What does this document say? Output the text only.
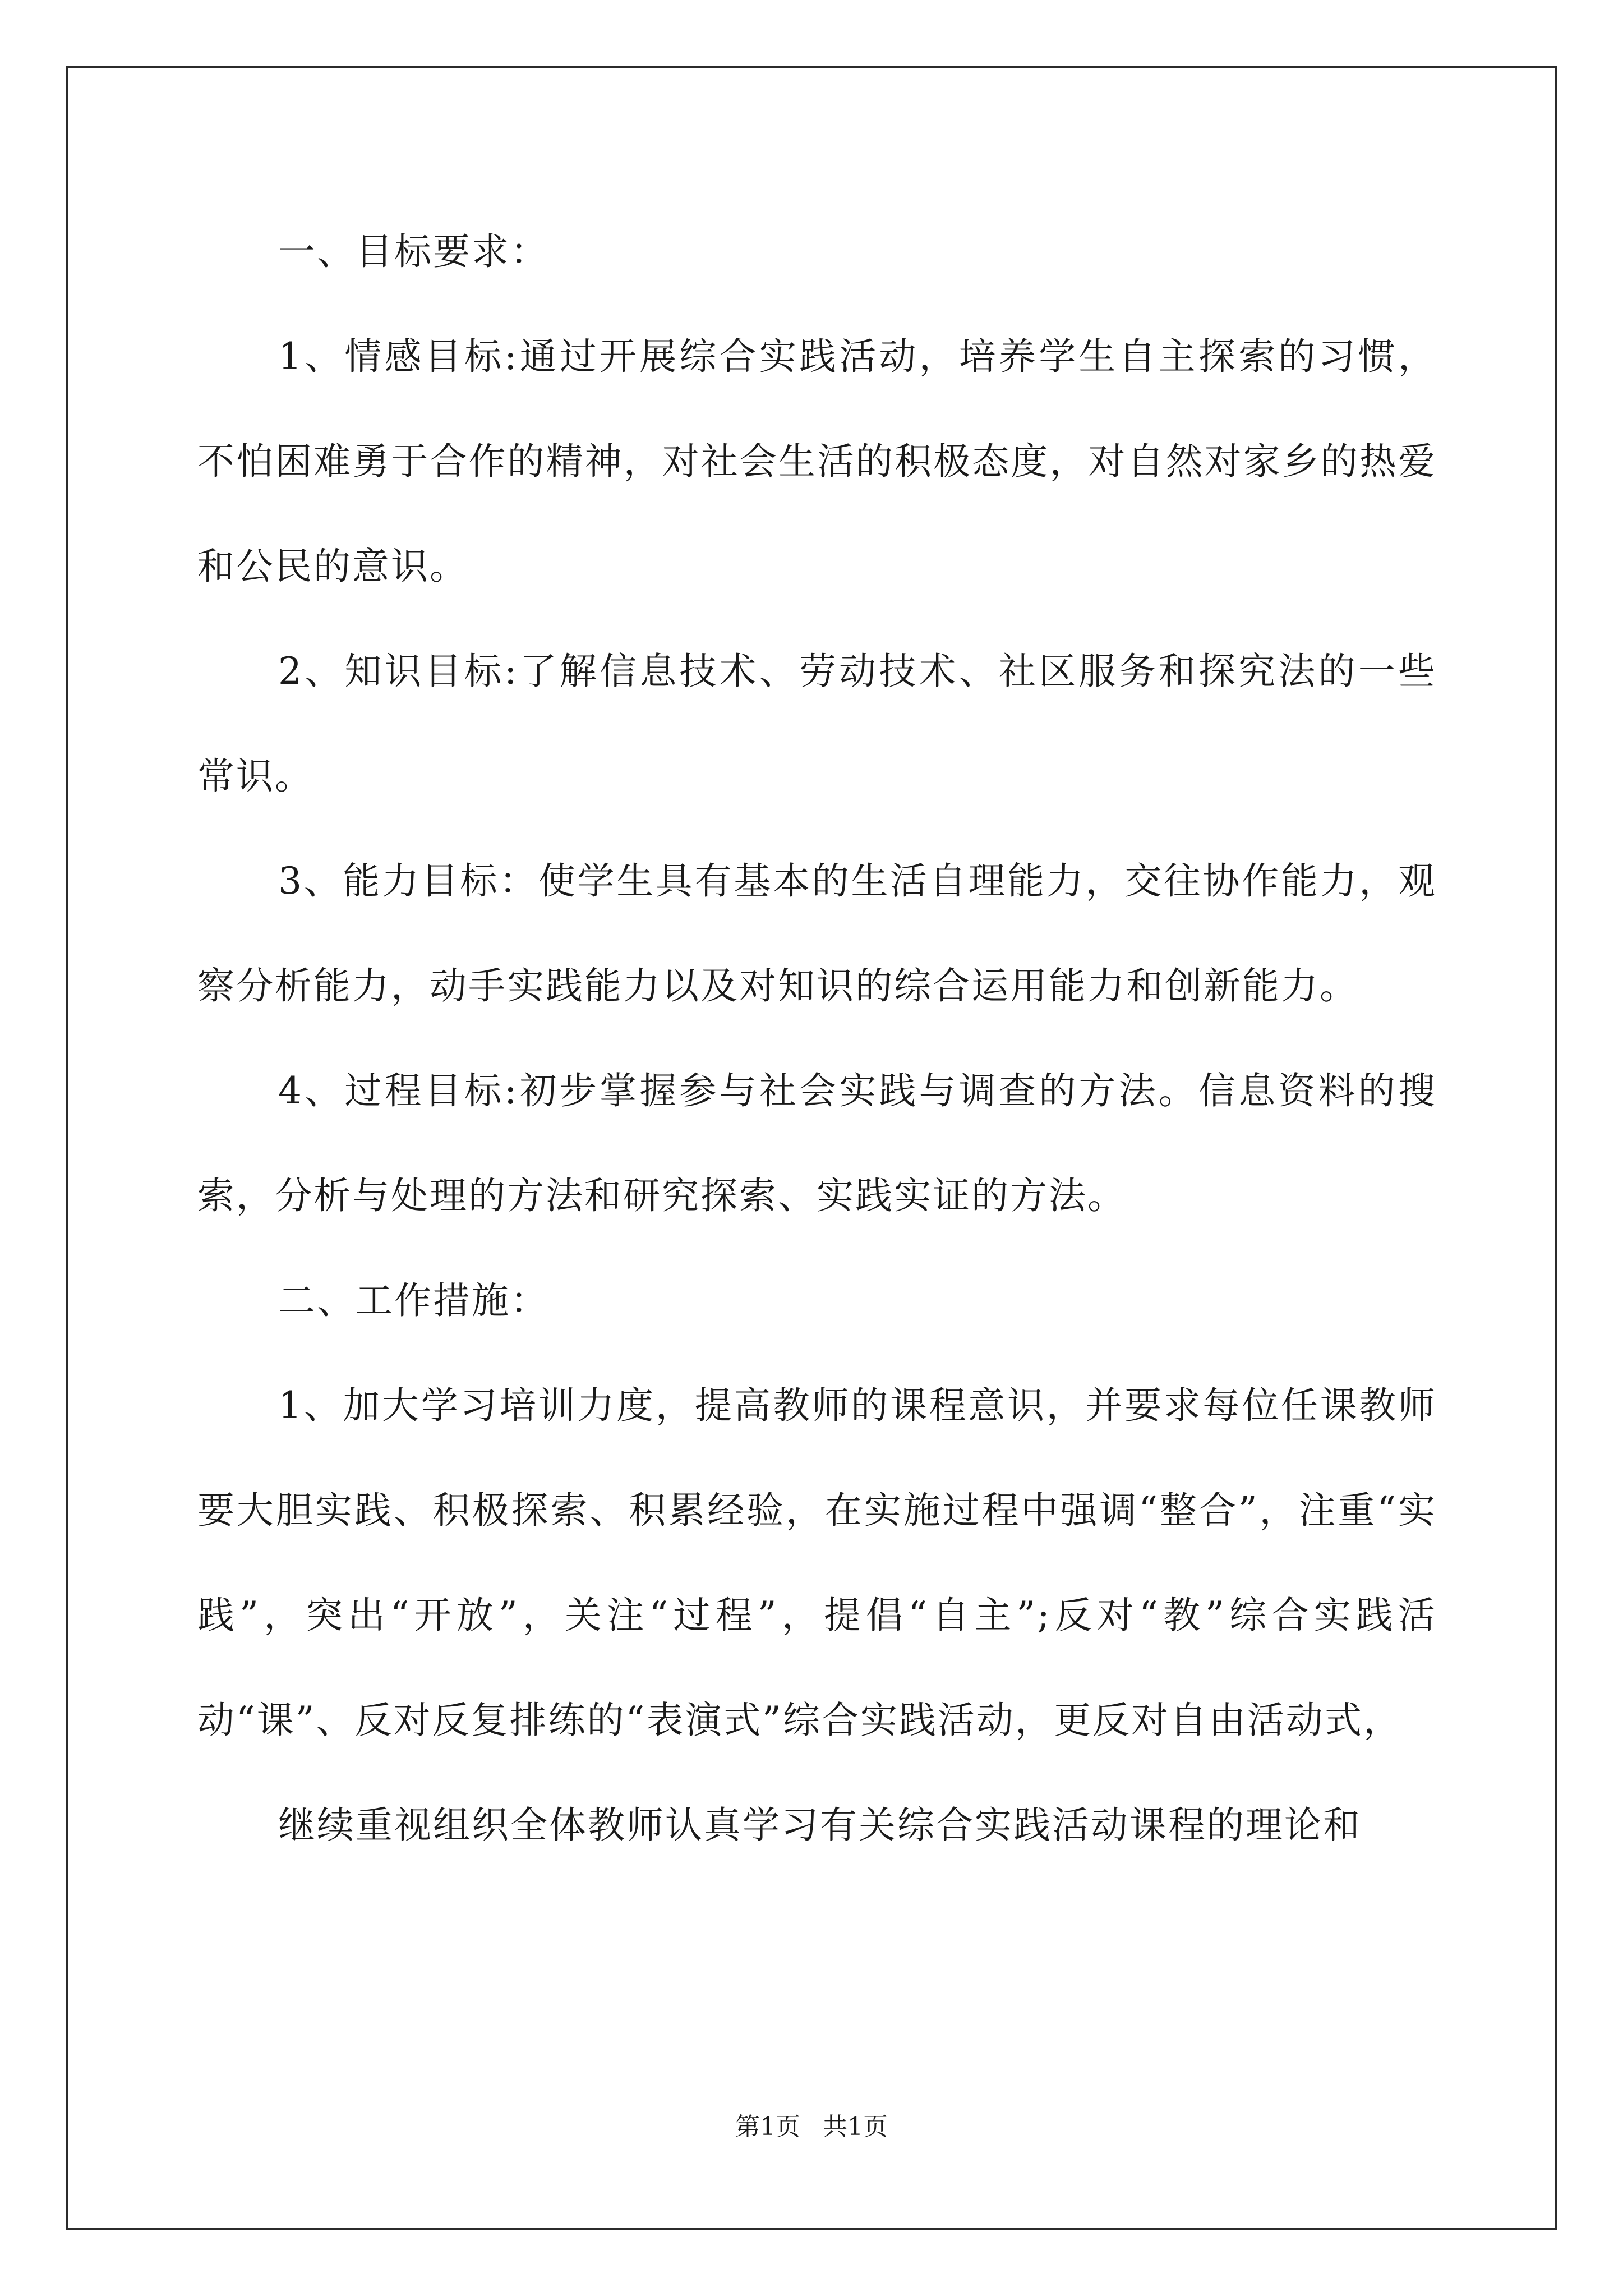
一、目标要求：

1、情感目标:通过开展综合实践活动，培养学生自主探索的习惯，不怕困难勇于合作的精神，对社会生活的积极态度，对自然对家乡的热爱和公民的意识。

2、知识目标:了解信息技术、劳动技术、社区服务和探究法的一些常识。

3、能力目标：使学生具有基本的生活自理能力，交往协作能力，观察分析能力，动手实践能力以及对知识的综合运用能力和创新能力。

4、过程目标:初步掌握参与社会实践与调查的方法。信息资料的搜索，分析与处理的方法和研究探索、实践实证的方法。

二、工作措施：

1、加大学习培训力度，提高教师的课程意识，并要求每位任课教师要大胆实践、积极探索、积累经验，在实施过程中强调“整合”，注重“实践”，突出“开放”，关注“过程”，提倡“自主”;反对“教”综合实践活动“课”、反对反复排练的“表演式”综合实践活动，更反对自由活动式，

继续重视组织全体教师认真学习有关综合实践活动课程的理论和

第1页 共1页
